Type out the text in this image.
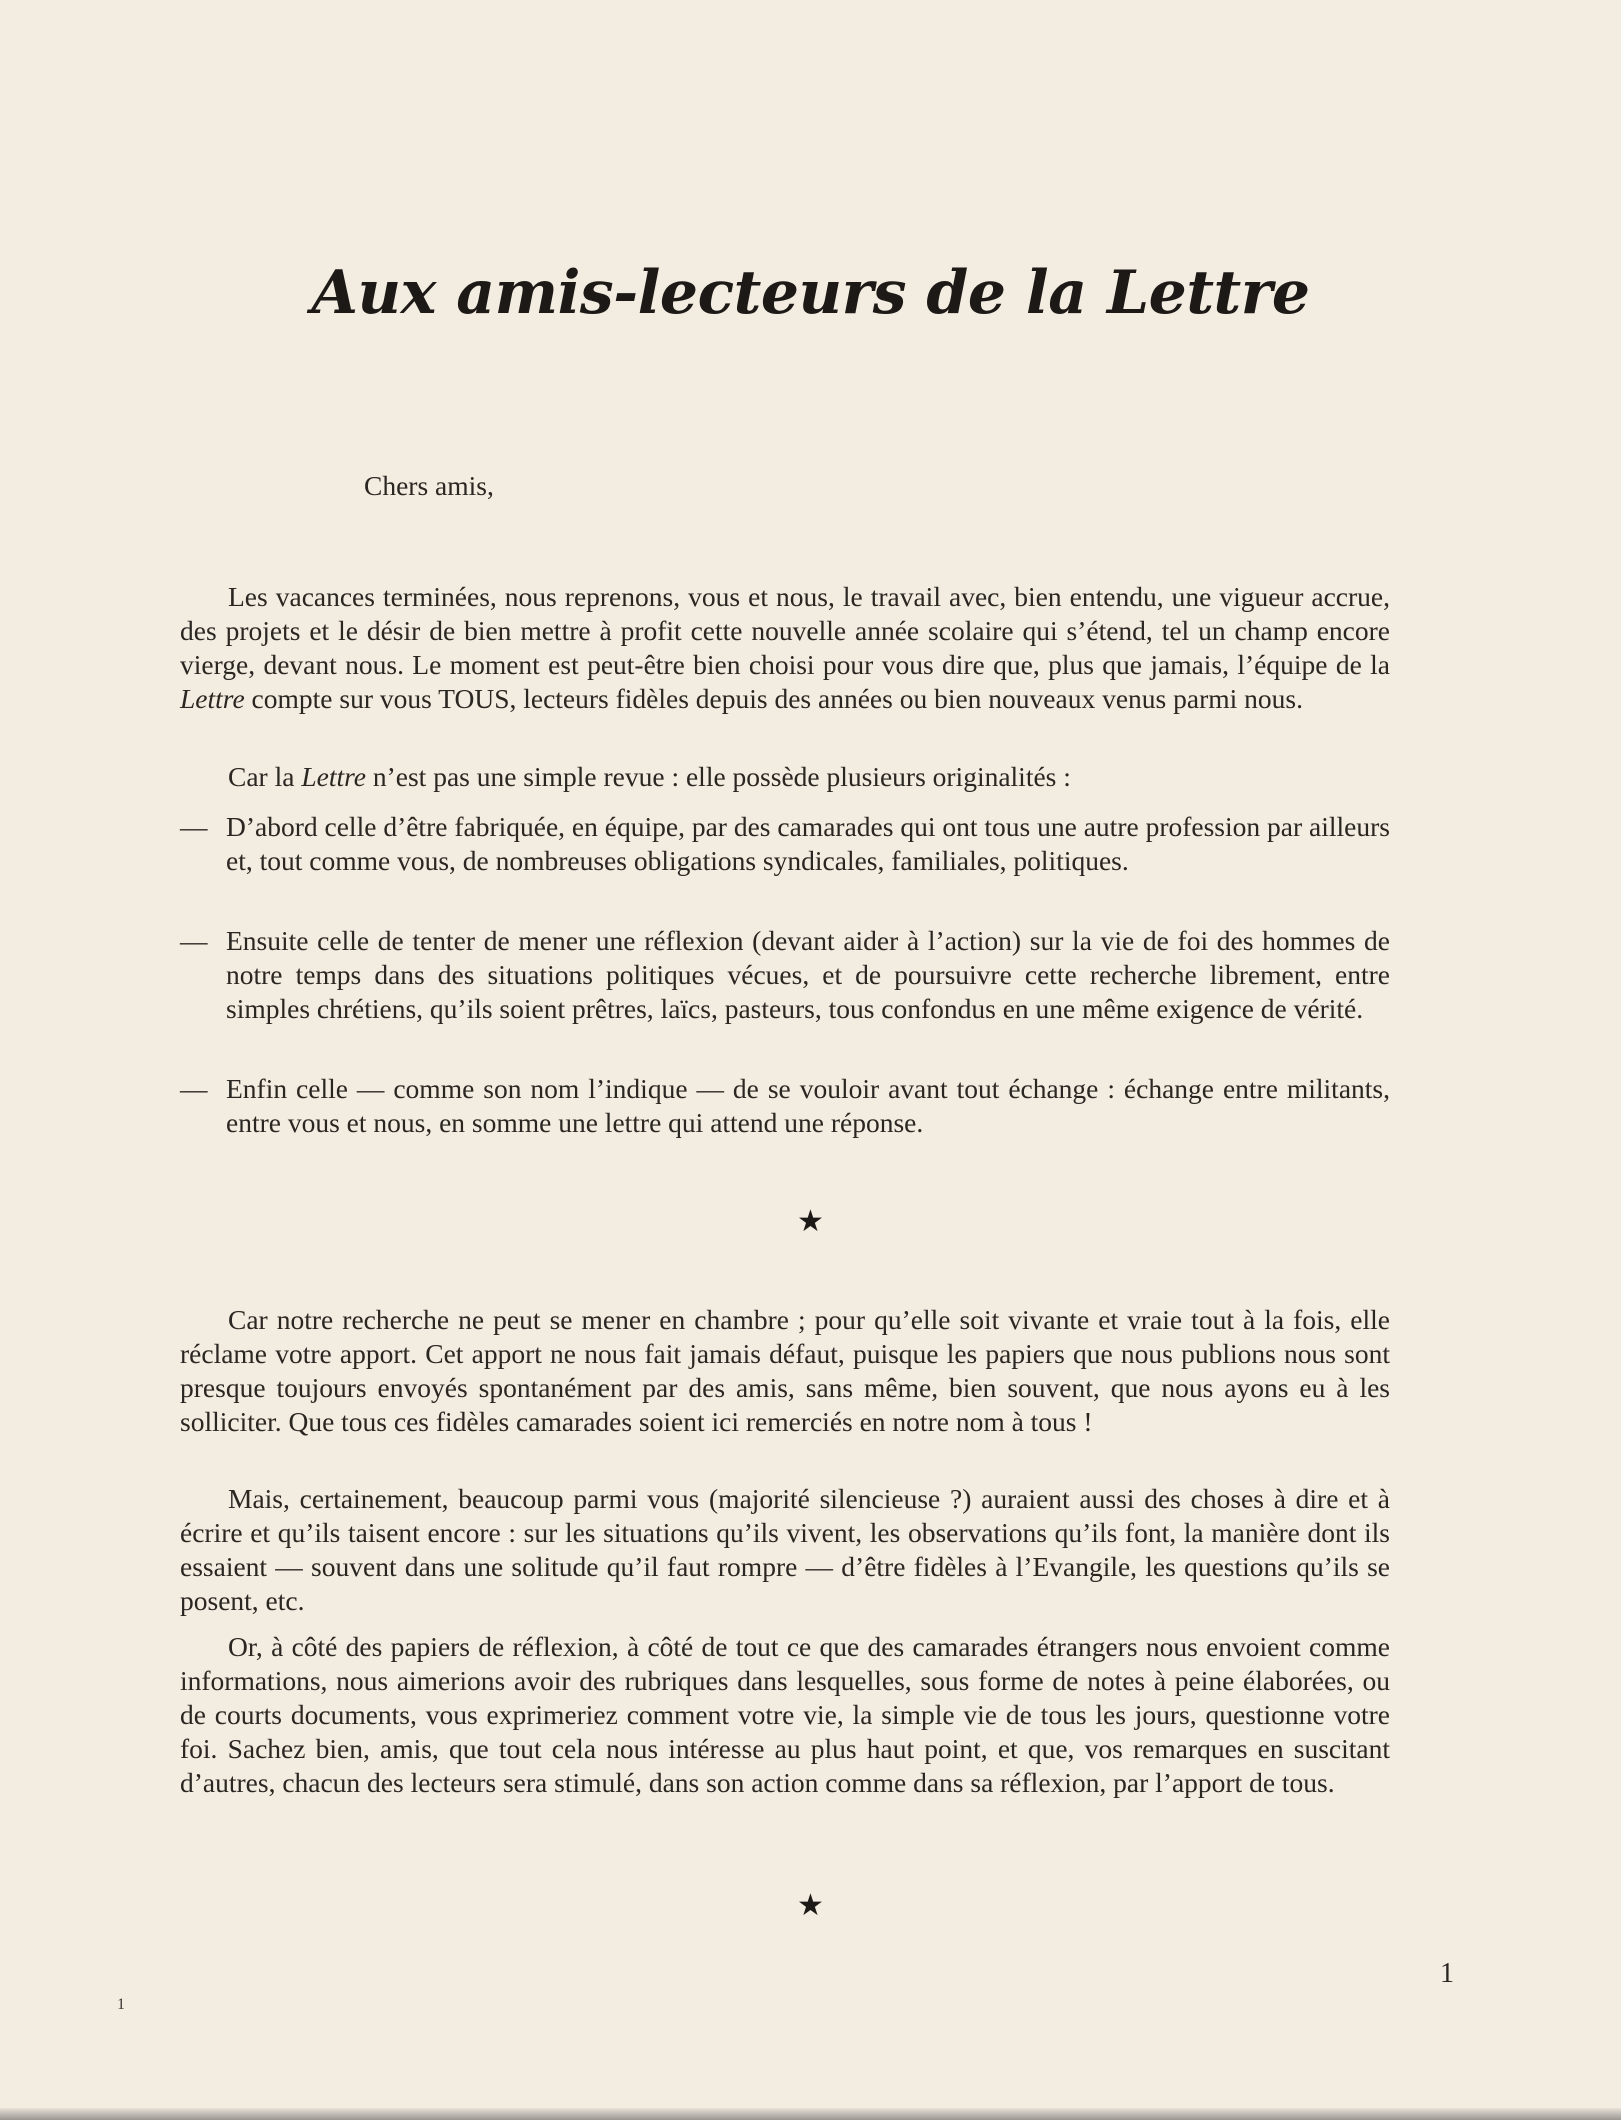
Aux amis-lecteurs de la Lettre

Chers amis,

Les vacances terminées, nous reprenons, vous et nous, le travail avec, bien entendu, une vigueur accrue, des projets et le désir de bien mettre à profit cette nouvelle année scolaire qui s’étend, tel un champ encore vierge, devant nous. Le moment est peut-être bien choisi pour vous dire que, plus que jamais, l’équipe de la Lettre compte sur vous TOUS, lecteurs fidèles depuis des années ou bien nouveaux venus parmi nous.

Car la Lettre n’est pas une simple revue : elle possède plusieurs originalités :

— D’abord celle d’être fabriquée, en équipe, par des camarades qui ont tous une autre profession par ailleurs et, tout comme vous, de nombreuses obligations syndicales, familiales, politiques.
— Ensuite celle de tenter de mener une réflexion (devant aider à l’action) sur la vie de foi des hommes de notre temps dans des situations politiques vécues, et de poursuivre cette recherche librement, entre simples chrétiens, qu’ils soient prêtres, laïcs, pasteurs, tous confondus en une même exigence de vérité.
— Enfin celle — comme son nom l’indique — de se vouloir avant tout échange : échange entre militants, entre vous et nous, en somme une lettre qui attend une réponse.
★

Car notre recherche ne peut se mener en chambre ; pour qu’elle soit vivante et vraie tout à la fois, elle réclame votre apport. Cet apport ne nous fait jamais défaut, puisque les papiers que nous publions nous sont presque toujours envoyés spontanément par des amis, sans même, bien souvent, que nous ayons eu à les solliciter. Que tous ces fidèles camarades soient ici remerciés en notre nom à tous !

Mais, certainement, beaucoup parmi vous (majorité silencieuse ?) auraient aussi des choses à dire et à écrire et qu’ils taisent encore : sur les situations qu’ils vivent, les observations qu’ils font, la manière dont ils essaient — souvent dans une solitude qu’il faut rompre — d’être fidèles à l’Evangile, les questions qu’ils se posent, etc.

Or, à côté des papiers de réflexion, à côté de tout ce que des camarades étrangers nous envoient comme informations, nous aimerions avoir des rubriques dans lesquelles, sous forme de notes à peine élaborées, ou de courts documents, vous exprimeriez comment votre vie, la simple vie de tous les jours, questionne votre foi. Sachez bien, amis, que tout cela nous intéresse au plus haut point, et que, vos remarques en suscitant d’autres, chacun des lecteurs sera stimulé, dans son action comme dans sa réflexion, par l’apport de tous.

★
1
1
